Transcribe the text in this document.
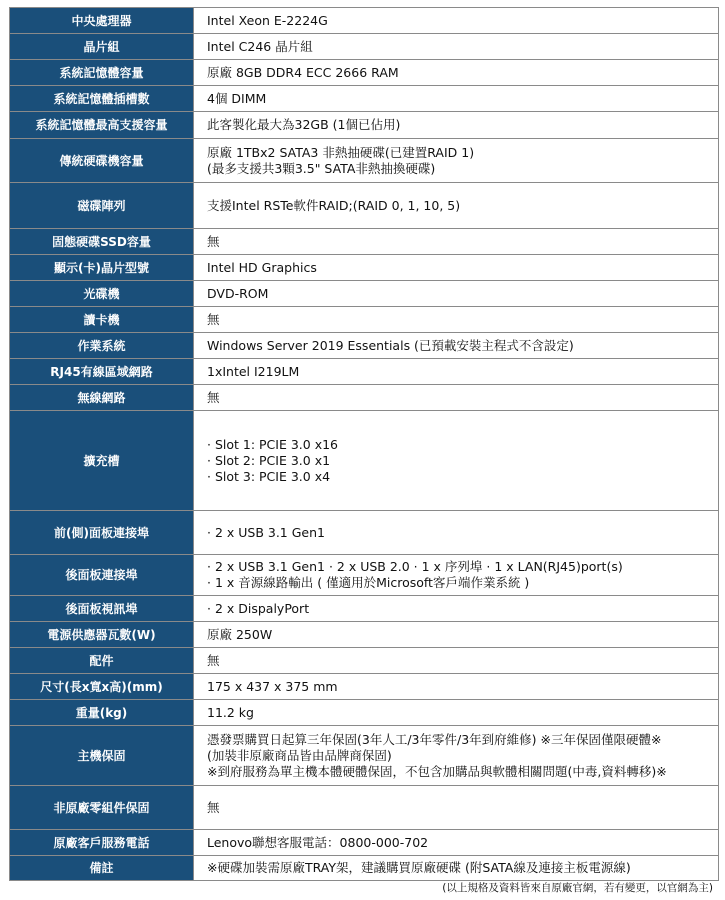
中央處理器	Intel Xeon E-2224G

晶片組	Intel C246 晶片組

系統記憶體容量	原廠 8GB DDR4 ECC 2666 RAM

系統記憶體插槽數	4個 DIMM

系統記憶體最高支援容量	此客製化最大為32GB (1個已佔用)

傳統硬碟機容量	原廠 1TBx2 SATA3 非熱抽硬碟(已建置RAID 1)
(最多支援共3顆3.5" SATA非熱抽換硬碟)

磁碟陣列	支援Intel RSTe軟件RAID;(RAID 0, 1, 10, 5)

固態硬碟SSD容量	無

顯示(卡)晶片型號	Intel HD Graphics

光碟機	DVD-ROM

讀卡機	無

作業系統	Windows Server 2019 Essentials (已預載安裝主程式不含設定)

RJ45有線區域網路	1xIntel I219LM

無線網路	無

擴充槽	· Slot 1: PCIE 3.0 x16
· Slot 2: PCIE 3.0 x1
· Slot 3: PCIE 3.0 x4

前(側)面板連接埠	· 2 x USB 3.1 Gen1

後面板連接埠	· 2 x USB 3.1 Gen1 · 2 x USB 2.0 · 1 x 序列埠 · 1 x LAN(RJ45)port(s)
· 1 x 音源線路輸出 ( 僅適用於Microsoft客戶端作業系統 )

後面板視訊埠	· 2 x DispalyPort

電源供應器瓦數(W)	原廠 250W

配件	無

尺寸(長x寬x高)(mm)	175 x 437 x 375 mm

重量(kg)	11.2 kg

主機保固	憑發票購買日起算三年保固(3年人工/3年零件/3年到府維修) ※三年保固僅限硬體※
(加裝非原廠商品皆由品牌商保固)
※到府服務為單主機本體硬體保固，不包含加購品與軟體相關問題(中毒,資料轉移)※

非原廠零組件保固	無

原廠客戶服務電話	Lenovo聯想客服電話：0800-000-702

備註	※硬碟加裝需原廠TRAY架，建議購買原廠硬碟 (附SATA線及連接主板電源線)
(以上規格及資料皆來自原廠官網，若有變更，以官網為主)
